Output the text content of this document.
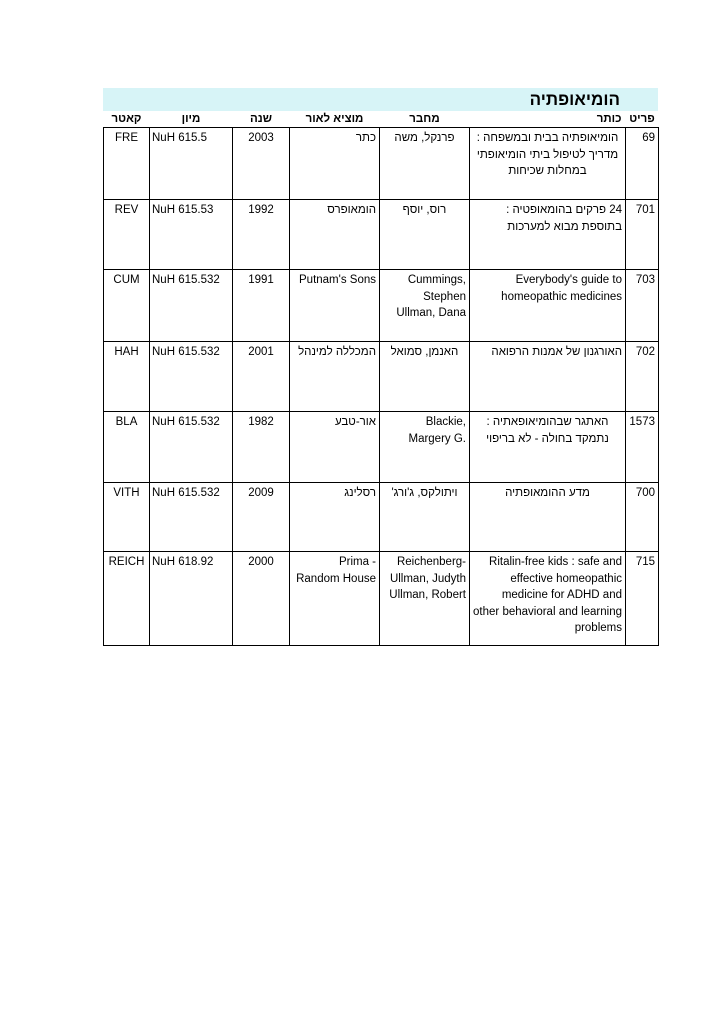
הומיאופתיה
פריט	כותר	מחבר	מוציא לאור	שנה	מיון	קאטר
69	הומיאופתיה בבית ובמשפחה : מדריך לטיפול ביתי הומיאופתי במחלות שכיחות	פרנקל, משה	כתר	2003	NuH 615.5	FRE
701	24 פרקים בהומאופטיה : בתוספת מבוא למערכות	רוס, יוסף	הומאופרס	1992	NuH 615.53	REV
703	Everybody's guide to homeopathic medicines	Cummings, Stephen Ullman, Dana	Putnam's Sons	1991	NuH 615.532	CUM
702	האורגנון של אמנות הרפואה	האנמן, סמואל	המכללה למינהל	2001	NuH 615.532	HAH
1573	האתגר שבהומיאופאתיה : נתמקד בחולה - לא בריפוי	Blackie, Margery G.	אור-טבע	1982	NuH 615.532	BLA
700	מדע ההומאופתיה	ויתולקס, ג'ורג'	רסלינג	2009	NuH 615.532	VITH
715	Ritalin-free kids : safe and effective homeopathic medicine for ADHD and other behavioral and learning problems	Reichenberg-Ullman, Judyth Ullman, Robert	Prima - Random House	2000	NuH 618.92	REICH
